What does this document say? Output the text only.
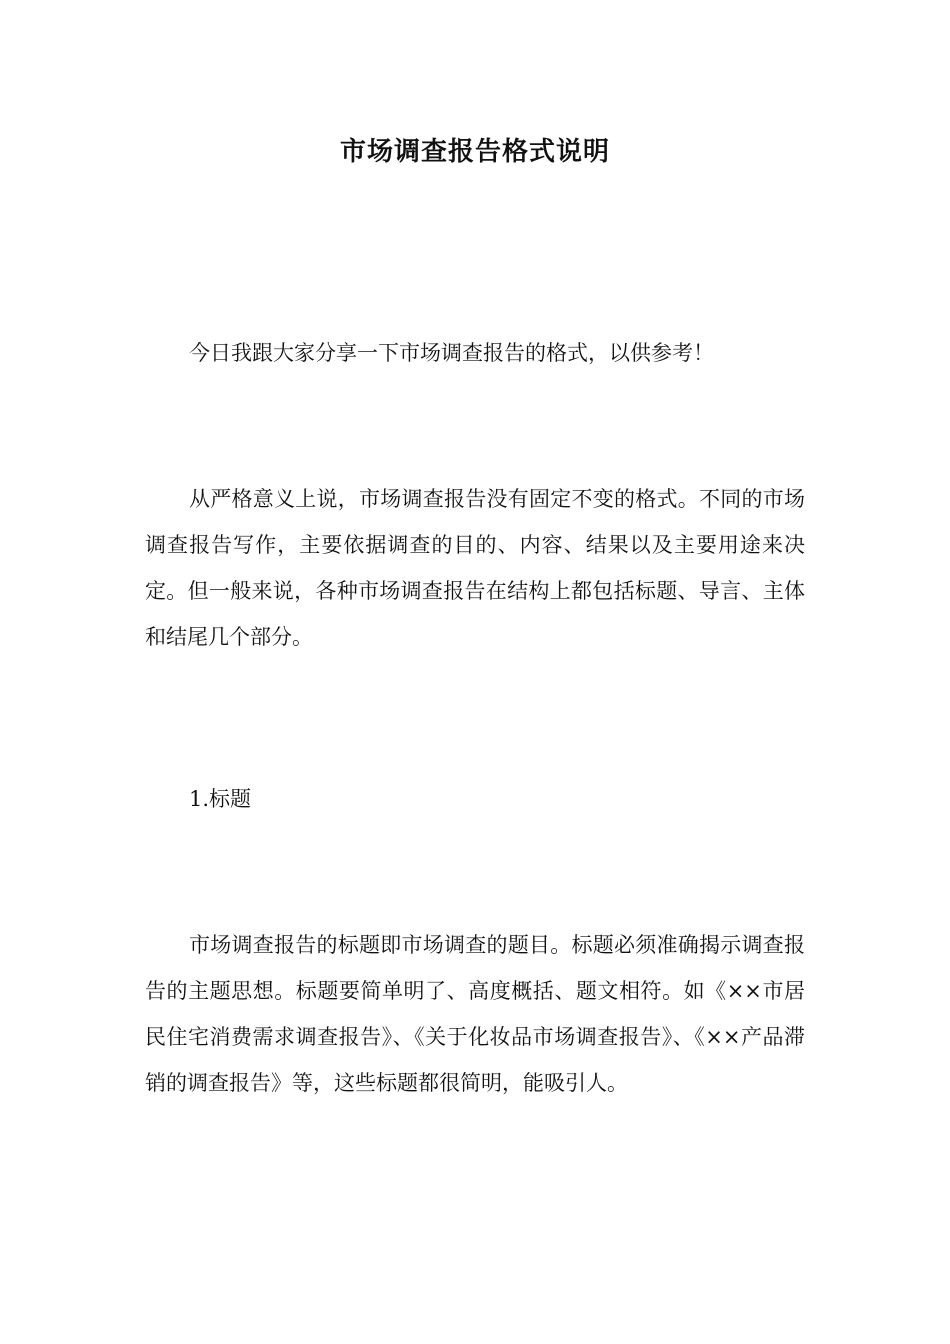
市场调查报告格式说明

今日我跟大家分享一下市场调查报告的格式，以供参考！

从严格意义上说，市场调查报告没有固定不变的格式。不同的市场调查报告写作，主要依据调查的目的、内容、结果以及主要用途来决定。但一般来说，各种市场调查报告在结构上都包括标题、导言、主体和结尾几个部分。

1.标题

市场调查报告的标题即市场调查的题目。标题必须准确揭示调查报告的主题思想。标题要简单明了、高度概括、题文相符。如《××市居民住宅消费需求调查报告》、《关于化妆品市场调查报告》、《××产品滞销的调查报告》等，这些标题都很简明，能吸引人。
